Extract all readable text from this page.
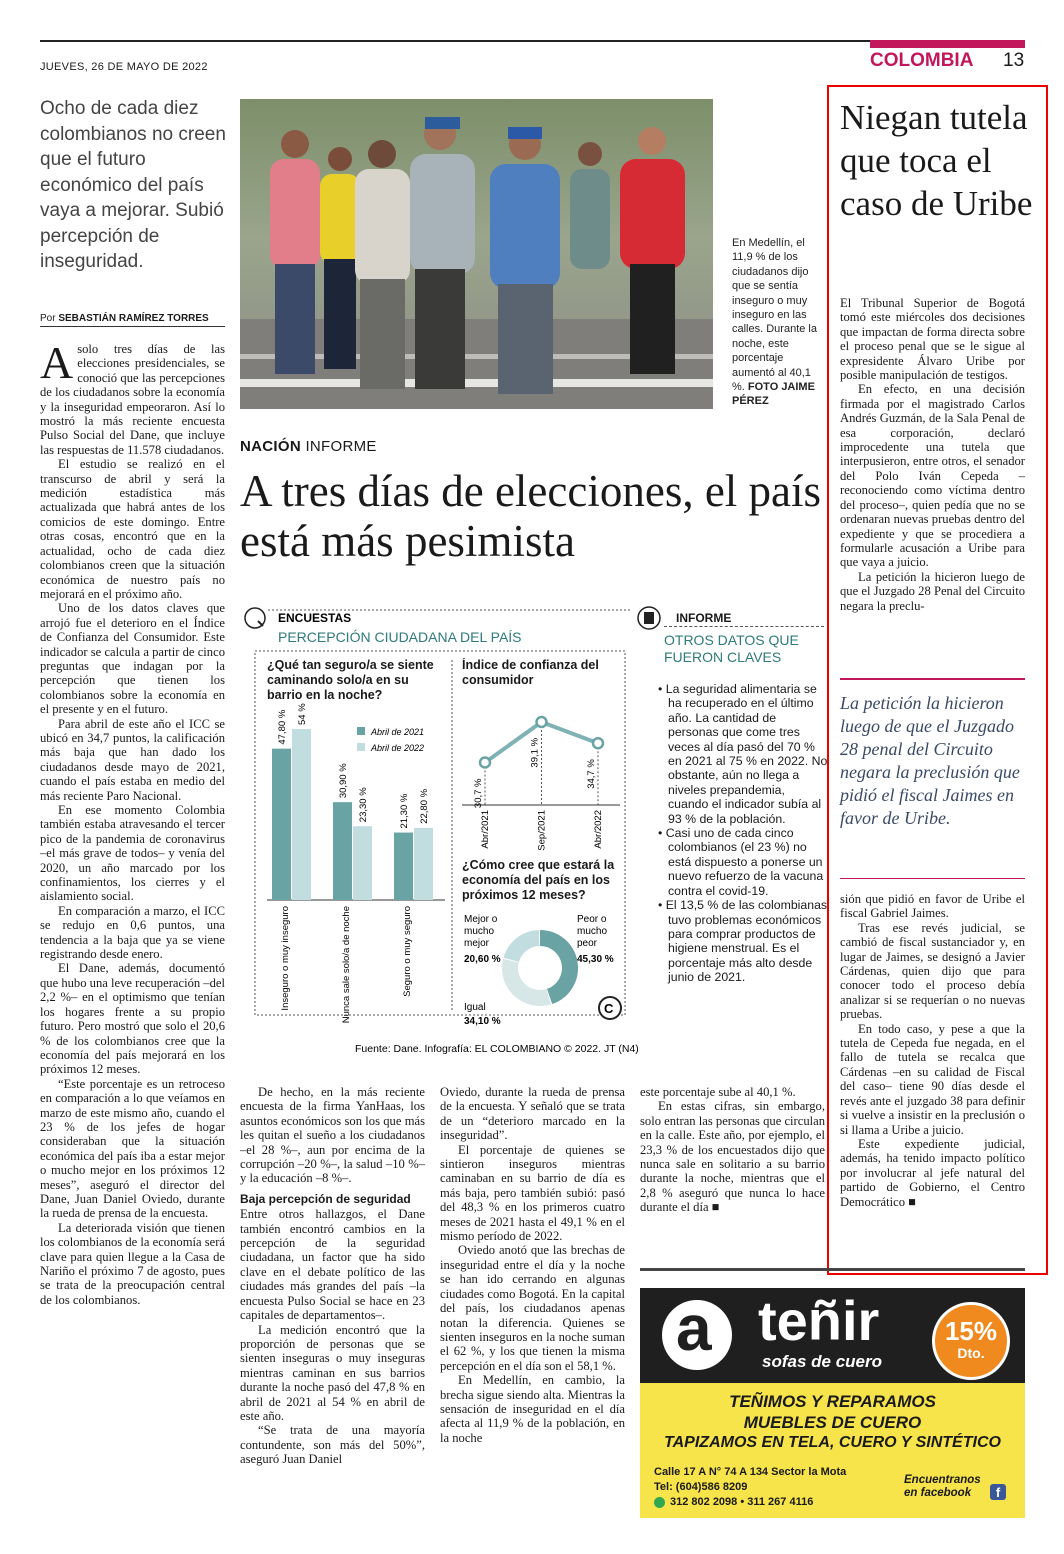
JUEVES, 26 DE MAYO DE 2022	COLOMBIA 13
Ocho de cada diez colombianos no creen que el futuro económico del país vaya a mejorar. Subió percepción de inseguridad.
Por SEBASTIÁN RAMÍREZ TORRES

Asolo tres días de las elecciones presidenciales, se conoció que las percepciones de los ciudadanos sobre la economía y la inseguridad empeoraron. Así lo mostró la más reciente encuesta Pulso Social del Dane, que incluye las respuestas de 11.578 ciudadanos.

El estudio se realizó en el transcurso de abril y será la medición estadística más actualizada que habrá antes de los comicios de este domingo. Entre otras cosas, encontró que en la actualidad, ocho de cada diez colombianos creen que la situación económica de nuestro país no mejorará en el próximo año.

Uno de los datos claves que arrojó fue el deterioro en el Índice de Confianza del Consumidor. Este indicador se calcula a partir de cinco preguntas que indagan por la percepción que tienen los colombianos sobre la economía en el presente y en el futuro.

Para abril de este año el ICC se ubicó en 34,7 puntos, la calificación más baja que han dado los ciudadanos desde mayo de 2021, cuando el país estaba en medio del más reciente Paro Nacional.

En ese momento Colombia también estaba atravesando el tercer pico de la pandemia de coronavirus –el más grave de todos– y venía del 2020, un año marcado por los confinamientos, los cierres y el aislamiento social.

En comparación a marzo, el ICC se redujo en 0,6 puntos, una tendencia a la baja que ya se viene registrando desde enero.

El Dane, además, documentó que hubo una leve recuperación –del 2,2 %– en el optimismo que tenían los hogares frente a su propio futuro. Pero mostró que solo el 20,6 % de los colombianos cree que la economía del país mejorará en los próximos 12 meses.

“Este porcentaje es un retroceso en comparación a lo que veíamos en marzo de este mismo año, cuando el 23 % de los jefes de hogar consideraban que la situación económica del país iba a estar mejor o mucho mejor en los próximos 12 meses”, aseguró el director del Dane, Juan Daniel Oviedo, durante la rueda de prensa de la encuesta.

La deteriorada visión que tienen los colombianos de la economía será clave para quien llegue a la Casa de Nariño el próximo 7 de agosto, pues se trata de la preocupación central de los colombianos.

En Medellín, el 11,9 % de los ciudadanos dijo que se sentía inseguro o muy inseguro en las calles. Durante la noche, este porcentaje aumentó al 40,1 %. FOTO JAIME PÉREZ
NACIÓN INFORME
A tres días de elecciones, el país está más pesimista
ENCUESTAS
PERCEPCIÓN CIUDADANA DEL PAÍS
¿Qué tan seguro/a se siente caminando solo/a en su barrio en la noche?
Abril de 2021
Abril de 2022
47,80 % 54 %
Inseguro o muy inseguro
30,90 %
23,30 %
Nunca sale solo/a de noche
21,30 % 22,80 %
Seguro o muy seguro
Índice de confianza del consumidor
30,7 %
Abr/2021
39,1 %
Sep/2021
34,7 %
Abr/2022
¿Cómo cree que estará la economía del país en los próximos 12 meses?
Mejor o mucho mejor
20,60 %
Peor o mucho peor
45,30 %
Igual
34,10 %
C
Fuente: Dane. Infografía: EL COLOMBIANO © 2022. JT (N4)
INFORME
OTROS DATOS QUE FUERON CLAVES
• La seguridad alimentaria se ha recuperado en el último año. La cantidad de personas que come tres veces al día pasó del 70 % en 2021 al 75 % en 2022. No obstante, aún no llega a niveles prepandemia, cuando el indicador subía al 93 % de la población.
• Casi uno de cada cinco colombianos (el 23 %) no está dispuesto a ponerse un nuevo refuerzo de la vacuna contra el covid-19.
• El 13,5 % de las colombianas tuvo problemas económicos para comprar productos de higiene menstrual. Es el porcentaje más alto desde junio de 2021.

De hecho, en la más reciente encuesta de la firma YanHaas, los asuntos económicos son los que más les quitan el sueño a los ciudadanos –el 28 %–, aun por encima de la corrupción –20 %–, la salud –10 %– y la educación –8 %–.

Baja percepción de seguridad

Entre otros hallazgos, el Dane también encontró cambios en la percepción de la seguridad ciudadana, un factor que ha sido clave en el debate político de las ciudades más grandes del país –la encuesta Pulso Social se hace en 23 capitales de departamentos–.

La medición encontró que la proporción de personas que se sienten inseguras o muy inseguras mientras caminan en sus barrios durante la noche pasó del 47,8 % en abril de 2021 al 54 % en abril de este año.

“Se trata de una mayoría contundente, son más del 50%”, aseguró Juan Daniel

Oviedo, durante la rueda de prensa de la encuesta. Y señaló que se trata de un “deterioro marcado en la inseguridad”.

El porcentaje de quienes se sintieron inseguros mientras caminaban en su barrio de día es más baja, pero también subió: pasó del 48,3 % en los primeros cuatro meses de 2021 hasta el 49,1 % en el mismo período de 2022.

Oviedo anotó que las brechas de inseguridad entre el día y la noche se han ido cerrando en algunas ciudades como Bogotá. En la capital del país, los ciudadanos apenas notan la diferencia. Quienes se sienten inseguros en la noche suman el 62 %, y los que tienen la misma percepción en el día son el 58,1 %.

En Medellín, en cambio, la brecha sigue siendo alta. Mientras la sensación de inseguridad en el día afecta al 11,9 % de la población, en la noche

este porcentaje sube al 40,1 %.

En estas cifras, sin embargo, solo entran las personas que circulan en la calle. Este año, por ejemplo, el 23,3 % de los encuestados dijo que nunca sale en solitario a su barrio durante la noche, mientras que el 2,8 % aseguró que nunca lo hace durante el día ■

Niegan tutela que toca el caso de Uribe

El Tribunal Superior de Bogotá tomó este miércoles dos decisiones que impactan de forma directa sobre el proceso penal que se le sigue al expresidente Álvaro Uribe por posible manipulación de testigos.

En efecto, en una decisión firmada por el magistrado Carlos Andrés Guzmán, de la Sala Penal de esa corporación, declaró improcedente una tutela que interpusieron, entre otros, el senador del Polo Iván Cepeda –reconociendo como víctima dentro del proceso–, quien pedía que no se ordenaran nuevas pruebas dentro del expediente y que se procediera a formularle acusación a Uribe para que vaya a juicio.

La petición la hicieron luego de que el Juzgado 28 Penal del Circuito negara la preclu-

La petición la hicieron luego de que el Juzgado 28 penal del Circuito negara la preclusión que pidió el fiscal Jaimes en favor de Uribe.

sión que pidió en favor de Uribe el fiscal Gabriel Jaimes.

Tras ese revés judicial, se cambió de fiscal sustanciador y, en lugar de Jaimes, se designó a Javier Cárdenas, quien dijo que para conocer todo el proceso debía analizar si se requerían o no nuevas pruebas.

En todo caso, y pese a que la tutela de Cepeda fue negada, en el fallo de tutela se recalca que Cárdenas –en su calidad de Fiscal del caso– tiene 90 días desde el revés ante el juzgado 38 para definir si vuelve a insistir en la preclusión o si llama a Uribe a juicio.

Este expediente judicial, además, ha tenido impacto político por involucrar al jefe natural del partido de Gobierno, el Centro Democrático ■

a teñir
sofas de cuero
15%
Dto.
TEÑIMOS Y REPARAMOS
MUEBLES DE CUERO
TAPIZAMOS EN TELA, CUERO Y SINTÉTICO
Calle 17 A N° 74 A 134 Sector la Mota
Tel: (604)586 8209
312 802 2098 • 311 267 4116
Encuentranos en facebook	f
